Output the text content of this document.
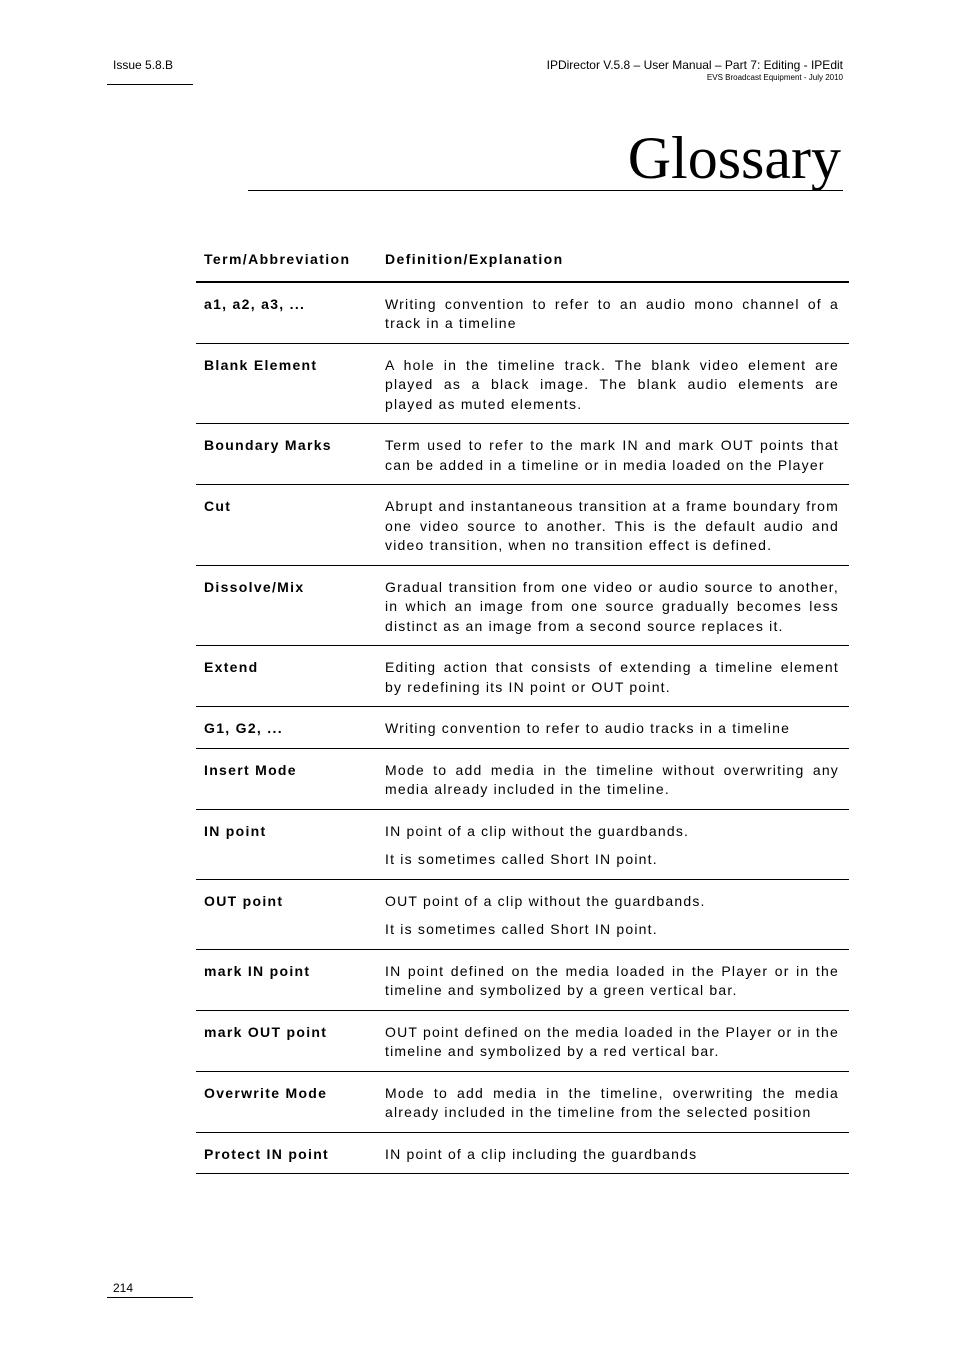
Issue 5.8.B	IPDirector V.5.8 – User Manual – Part 7: Editing - IPEdit
EVS Broadcast Equipment - July 2010
Glossary
Term/Abbreviation	Definition/Explanation
a1, a2, a3, ...	Writing convention to refer to an audio mono channel of a track in a timeline

Blank Element	A hole in the timeline track. The blank video element are played as a black image. The blank audio elements are played as muted elements.

Boundary Marks	Term used to refer to the mark IN and mark OUT points that can be added in a timeline or in media loaded on the Player

Cut	Abrupt and instantaneous transition at a frame boundary from one video source to another. This is the default audio and video transition, when no transition effect is defined.

Dissolve/Mix	Gradual transition from one video or audio source to another, in which an image from one source gradually becomes less distinct as an image from a second source replaces it.

Extend	Editing action that consists of extending a timeline element by redefining its IN point or OUT point.

G1, G2, ...	Writing convention to refer to audio tracks in a timeline

Insert Mode	Mode to add media in the timeline without overwriting any media already included in the timeline.

IN point	IN point of a clip without the guardbands.

It is sometimes called Short IN point.

OUT point	OUT point of a clip without the guardbands.

It is sometimes called Short IN point.

mark IN point	IN point defined on the media loaded in the Player or in the timeline and symbolized by a green vertical bar.

mark OUT point	OUT point defined on the media loaded in the Player or in the timeline and symbolized by a red vertical bar.

Overwrite Mode	Mode to add media in the timeline, overwriting the media already included in the timeline from the selected position

Protect IN point	IN point of a clip including the guardbands

214
